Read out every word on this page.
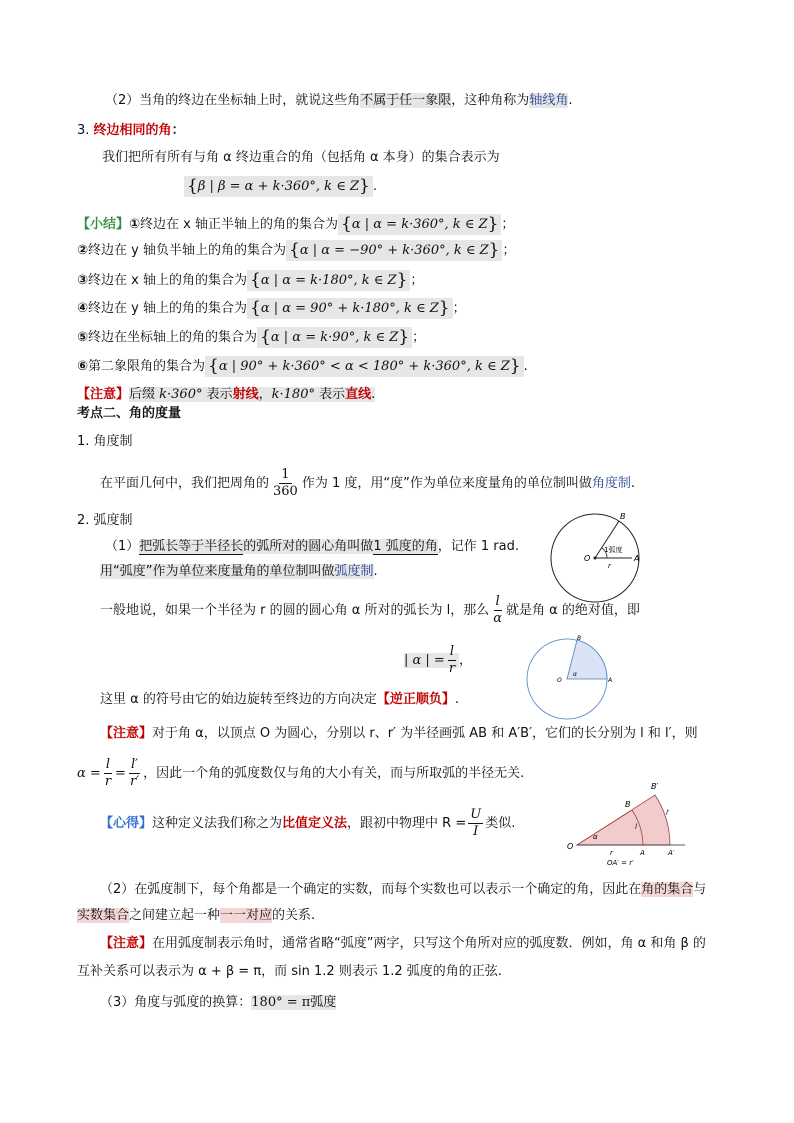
（2）当角的终边在坐标轴上时，就说这些角不属于任一象限，这种角称为轴线角.
3. 终边相同的角：
我们把所有所有与角 α 终边重合的角（包括角 α 本身）的集合表示为
{β | β = α + k·360°, k ∈ Z} .
【小结】①终边在 x 轴正半轴上的角的集合为 {α | α = k·360°, k ∈ Z} ；
②终边在 y 轴负半轴上的角的集合为 {α | α = −90° + k·360°, k ∈ Z} ；
③终边在 x 轴上的角的集合为 {α | α = k·180°, k ∈ Z} ；
④终边在 y 轴上的角的集合为 {α | α = 90° + k·180°, k ∈ Z} ；
⑤终边在坐标轴上的角的集合为 {α | α = k·90°, k ∈ Z} ；
⑥第二象限角的集合为 {α | 90° + k·360° < α < 180° + k·360°, k ∈ Z} .
【注意】后缀 k·360° 表示射线，k·180° 表示直线.
考点二、角的度量
1. 角度制
在平面几何中，我们把周角的 $\frac{1}{360}$ 作为 1 度，用“度”作为单位来度量角的单位制叫做角度制.
2. 弧度制
（1）把弧长等于半径长的弧所对的圆心角叫做1 弧度的角，记作 1 rad.
用“弧度”作为单位来度量角的单位制叫做弧度制.
一般地说，如果一个半径为 r 的圆的圆心角 α 所对的弧长为 l，那么 $\frac{l}{\alpha}$ 就是角 α 的绝对值，即
| α | = $\frac{l}{r}$ ，
这里 α 的符号由它的始边旋转至终边的方向决定【逆正顺负】.
【注意】对于角 α，以顶点 O 为圆心，分别以 r、r′ 为半径画弧 AB 和 A′B′，它们的长分别为 l 和 l′，则
$\alpha = \frac{l}{r} = \frac{l'}{r'}$ ，因此一个角的弧度数仅与角的大小有关，而与所取弧的半径无关.
【心得】这种定义法我们称之为比值定义法，跟初中物理中 $R = \frac{U}{I}$ 类似.
（2）在弧度制下，每个角都是一个确定的实数，而每个实数也可以表示一个确定的角，因此在角的集合与
实数集合之间建立起一种一一对应的关系.
【注意】在用弧度制表示角时，通常省略“弧度”两字，只写这个角所对应的弧度数．例如，角 α 和角 β 的
互补关系可以表示为 α + β = π，而 sin 1.2 则表示 1.2 弧度的角的正弦.
（3）角度与弧度的换算：180° = π弧度
B
O	A
r
1弧度
B
O	A
α
B′
B
O
A	A′
l
l′
r
α
OA′ = r′
